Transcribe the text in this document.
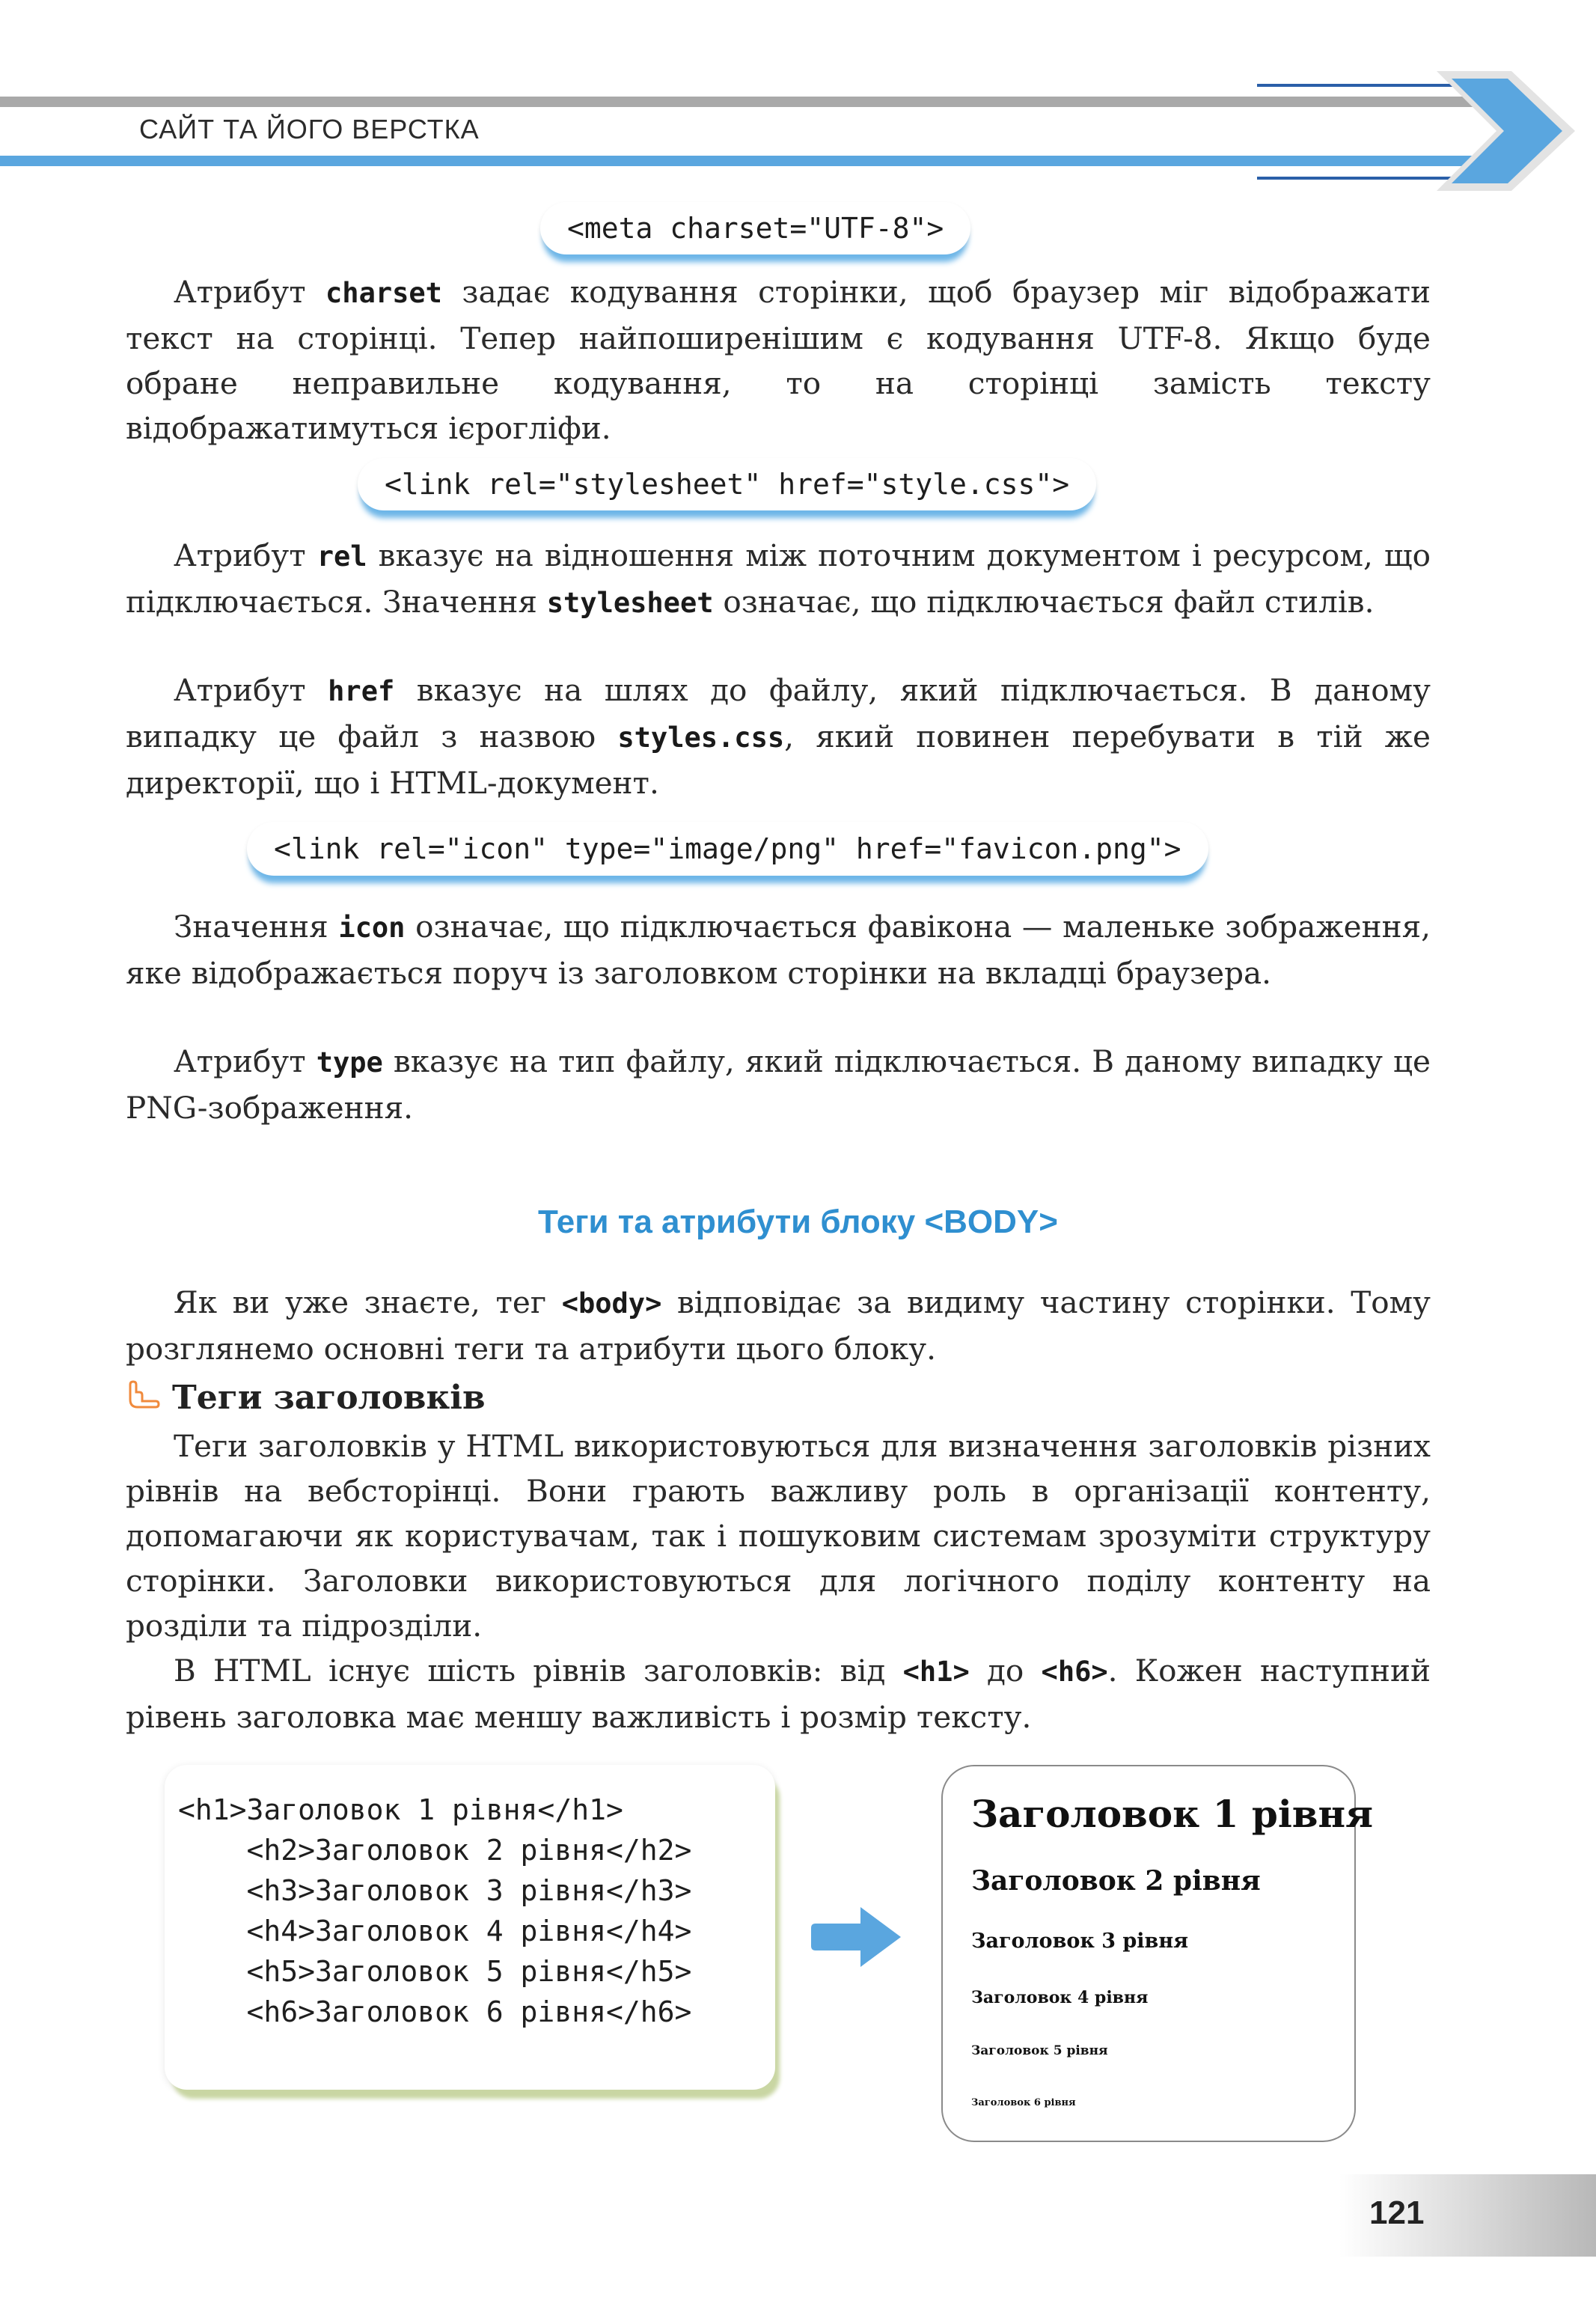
САЙТ ТА ЙОГО ВЕРСТКА
<meta charset="UTF-8">
Атрибут charset задає кодування сторінки, щоб браузер міг відображати текст на сторінці. Тепер найпоширенішим є кодування UTF-8. Якщо буде обране неправильне кодування, то на сторінці замість тексту відображатимуться ієрогліфи.
<link rel="stylesheet" href="style.css">
Атрибут rel вказує на відношення між поточним документом і ресурсом, що підключається. Значення stylesheet означає, що підключається файл стилів.
Атрибут href вказує на шлях до файлу, який підключається. В даному випадку це файл з назвою styles.css, який повинен перебувати в тій же директорії, що і HTML-документ.
<link rel="icon" type="image/png" href="favicon.png">
Значення icon означає, що підключається фавікона — маленьке зображення, яке відображається поруч із заголовком сторінки на вкладці браузера.
Атрибут type вказує на тип файлу, який підключається. В даному випадку це PNG-зображення.
Теги та атрибути блоку <BODY>
Як ви уже знаєте, тег <body> відповідає за видиму частину сторінки. Тому розглянемо основні теги та атрибути цього блоку.
Теги заголовків
Теги заголовків у HTML використовуються для визначення заголовків різних рівнів на вебсторінці. Вони грають важливу роль в організації контенту, допомагаючи як користувачам, так і пошуковим системам зрозуміти структуру сторінки. Заголовки використовуються для логічного поділу контенту на розділи та підрозділи.
В HTML існує шість рівнів заголовків: від <h1> до <h6>. Кожен наступний рівень заголовка має меншу важливість і розмір тексту.
<h1>Заголовок 1 рівня</h1>
<h2>Заголовок 2 рівня</h2>
<h3>Заголовок 3 рівня</h3>
<h4>Заголовок 4 рівня</h4>
<h5>Заголовок 5 рівня</h5>
<h6>Заголовок 6 рівня</h6>
Заголовок 1 рівня
Заголовок 2 рівня
Заголовок 3 рівня
Заголовок 4 рівня
Заголовок 5 рівня
Заголовок 6 рівня
121
